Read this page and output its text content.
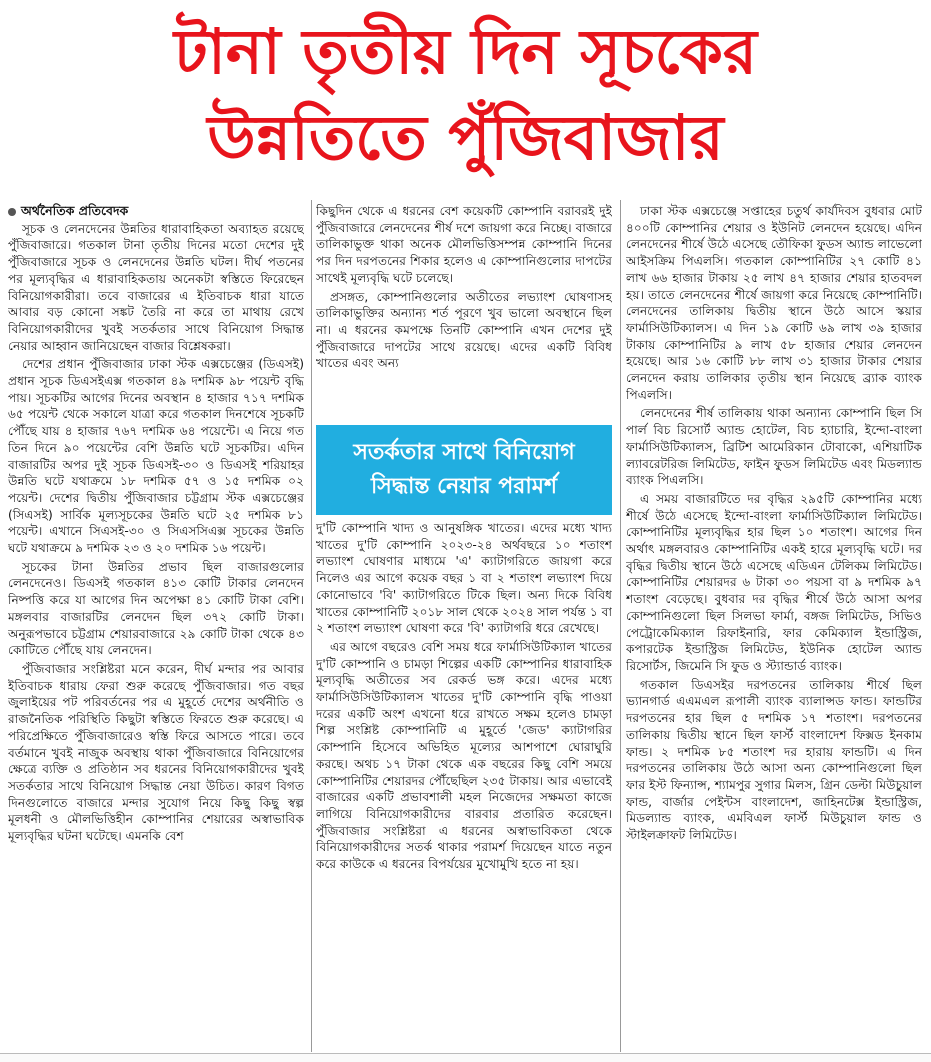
টানা তৃতীয় দিন সূচকের
উন্নতিতে পুঁজিবাজার
অর্থনৈতিক প্রতিবেদক

সূচক ও লেনদেনের উন্নতির ধারাবাহিকতা অব্যাহত রয়েছে পুঁজিবাজারে। গতকাল টানা তৃতীয় দিনের মতো দেশের দুই পুঁজিবাজারে সূচক ও লেনদেনের উন্নতি ঘটল। দীর্ঘ পতনের পর মূল্যবৃদ্ধির এ ধারাবাহিকতায় অনেকটা স্বস্তিতে ফিরেছেন বিনিয়োগকারীরা। তবে বাজারের এ ইতিবাচক ধারা যাতে আবার বড় কোনো সঙ্কট তৈরি না করে তা মাথায় রেখে বিনিয়োগকারীদের খুবই সতর্কতার সাথে বিনিয়োগ সিদ্ধান্ত নেয়ার আহ্বান জানিয়েছেন বাজার বিশ্লেষকরা।

দেশের প্রধান পুঁজিবাজার ঢাকা স্টক এক্সচেঞ্জের (ডিএসই) প্রধান সূচক ডিএসইএক্স গতকাল ৪৯ দশমিক ৯৮ পয়েন্ট বৃদ্ধি পায়। সূচকটির আগের দিনের অবস্থান ৪ হাজার ৭১৭ দশমিক ৬৫ পয়েন্ট থেকে সকালে যাত্রা করে গতকাল দিনশেষে সূচকটি পৌঁছে যায় ৪ হাজার ৭৬৭ দশমিক ৬৪ পয়েন্টে। এ নিয়ে গত তিন দিনে ৯০ পয়েন্টের বেশি উন্নতি ঘটে সূচকটির। এদিন বাজারটির অপর দুই সূচক ডিএসই-৩০ ও ডিএসই শরিয়াহর উন্নতি ঘটে যথাক্রমে ১৮ দশমিক ৫৭ ও ১৫ দশমিক ০২ পয়েন্ট। দেশের দ্বিতীয় পুঁজিবাজার চট্টগ্রাম স্টক এক্সচেঞ্জের (সিএসই) সার্বিক মূল্যসূচকের উন্নতি ঘটে ২৫ দশমিক ৮১ পয়েন্ট। এখানে সিএসই-৩০ ও সিএসসিএক্স সূচকের উন্নতি ঘটে যথাক্রমে ৯ দশমিক ২৩ ও ২০ দশমিক ১৬ পয়েন্ট।

সূচকের টানা উন্নতির প্রভাব ছিল বাজারগুলোর লেনদেনেও। ডিএসই গতকাল ৪১৩ কোটি টাকার লেনদেন নিষ্পত্তি করে যা আগের দিন অপেক্ষা ৪১ কোটি টাকা বেশি। মঙ্গলবার বাজারটির লেনদেন ছিল ৩৭২ কোটি টাকা। অনুরূপভাবে চট্টগ্রাম শেয়ারবাজারে ২৯ কোটি টাকা থেকে ৪৩ কোটিতে পৌঁছে যায় লেনদেন।

পুঁজিবাজার সংশ্লিষ্টরা মনে করেন, দীর্ঘ মন্দার পর আবার ইতিবাচক ধারায় ফেরা শুরু করেছে পুঁজিবাজার। গত বছর জুলাইয়ের পট পরিবর্তনের পর এ মুহূর্তে দেশের অর্থনীতি ও রাজনৈতিক পরিস্থিতি কিছুটা স্বস্তিতে ফিরতে শুরু করেছে। এ পরিপ্রেক্ষিতে পুঁজিবাজারেও স্বস্তি ফিরে আসতে পারে। তবে বর্তমানে খুবই নাজুক অবস্থায় থাকা পুঁজিবাজারে বিনিয়োগের ক্ষেত্রে ব্যক্তি ও প্রতিষ্ঠান সব ধরনের বিনিয়োগকারীদের খুবই সতর্কতার সাথে বিনিয়োগ সিদ্ধান্ত নেয়া উচিত। কারণ বিগত দিনগুলোতে বাজারে মন্দার সুযোগ নিয়ে কিছু কিছু স্বল্প মূলধনী ও মৌলভিত্তিহীন কোম্পানির শেয়ারের অস্বাভাবিক মূল্যবৃদ্ধির ঘটনা ঘটেছে। এমনকি বেশ

কিছুদিন থেকে এ ধরনের বেশ কয়েকটি কোম্পানি বরাবরই দুই পুঁজিবাজারে লেনদেনের শীর্ষ দশে জায়গা করে নিচ্ছে। বাজারে তালিকাভুক্ত থাকা অনেক মৌলভিত্তিসম্পন্ন কোম্পানি দিনের পর দিন দরপতনের শিকার হলেও এ কোম্পানিগুলোর দাপটের সাথেই মূল্যবৃদ্ধি ঘটে চলেছে।

প্রসঙ্গত, কোম্পানিগুলোর অতীতের লভ্যাংশ ঘোষণাসহ তালিকাভুক্তির অন্যান্য শর্ত পূরণে খুব ভালো অবস্থানে ছিল না। এ ধরনের কমপক্ষে তিনটি কোম্পানি এখন দেশের দুই পুঁজিবাজারে দাপটের সাথে রয়েছে। এদের একটি বিবিধ খাতের এবং অন্য

সতর্কতার সাথে বিনিয়োগ
সিদ্ধান্ত নেয়ার পরামর্শ

দু'টি কোম্পানি খাদ্য ও আনুষঙ্গিক খাতের। এদের মধ্যে খাদ্য খাতের দু'টি কোম্পানি ২০২৩-২৪ অর্থবছরে ১০ শতাংশ লভ্যাংশ ঘোষণার মাধ্যমে 'এ' ক্যাটাগরিতে জায়গা করে নিলেও এর আগে কয়েক বছর ১ বা ২ শতাংশ লভ্যাংশ দিয়ে কোনোভাবে 'বি' ক্যাটাগরিতে টিকে ছিল। অন্য দিকে বিবিধ খাতের কোম্পানিটি ২০১৮ সাল থেকে ২০২৪ সাল পর্যন্ত ১ বা ২ শতাংশ লভ্যাংশ ঘোষণা করে 'বি' ক্যাটাগরি ধরে রেখেছে।

এর আগে বছরেও বেশি সময় ধরে ফার্মাসিউটিক্যাল খাতের দু'টি কোম্পানি ও চামড়া শিল্পের একটি কোম্পানির ধারাবাহিক মূল্যবৃদ্ধি অতীতের সব রেকর্ড ভঙ্গ করে। এদের মধ্যে ফার্মাসিউসিউটিক্যালস খাতের দু'টি কোম্পানি বৃদ্ধি পাওয়া দরের একটি অংশ এখনো ধরে রাখতে সক্ষম হলেও চামড়া শিল্প সংশ্লিষ্ট কোম্পানিটি এ মুহূর্তে 'জেড' ক্যাটাগরির কোম্পানি হিসেবে অভিহিত মূল্যের আশপাশে ঘোরাঘুরি করছে। অথচ ১৭ টাকা থেকে এক বছরের কিছু বেশি সময়ে কোম্পানিটির শেয়ারদর পৌঁছেছিল ২৩৫ টাকায়। আর এভাবেই বাজারের একটি প্রভাবশালী মহল নিজেদের সক্ষমতা কাজে লাগিয়ে বিনিয়োগকারীদের বারবার প্রতারিত করেছেন। পুঁজিবাজার সংশ্লিষ্টরা এ ধরনের অস্বাভাবিকতা থেকে বিনিয়োগকারীদের সতর্ক থাকার পরামর্শ দিয়েছেন যাতে নতুন করে কাউকে এ ধরনের বিপর্যয়ের মুখোমুখি হতে না হয়।

ঢাকা স্টক এক্সচেঞ্জে সপ্তাহের চতুর্থ কার্যদিবস বুধবার মোট ৪০০টি কোম্পানির শেয়ার ও ইউনিট লেনদেন হয়েছে। এদিন লেনদেনের শীর্ষে উঠে এসেছে তৌফিকা ফুডস অ্যান্ড লাভেলো আইসক্রিম পিএলসি। গতকাল কোম্পানিটির ২৭ কোটি ৪১ লাখ ৬৬ হাজার টাকায় ২৫ লাখ ৪৭ হাজার শেয়ার হাতবদল হয়। তাতে লেনদেনের শীর্ষে জায়গা করে নিয়েছে কোম্পানিটি। লেনদেনের তালিকায় দ্বিতীয় স্থানে উঠে আসে স্কয়ার ফার্মাসিউটিক্যালস। এ দিন ১৯ কোটি ৬৯ লাখ ৩৯ হাজার টাকায় কোম্পানিটির ৯ লাখ ৫৮ হাজার শেয়ার লেনদেন হয়েছে। আর ১৬ কোটি ৮৮ লাখ ৩১ হাজার টাকার শেয়ার লেনদেন করায় তালিকার তৃতীয় স্থান নিয়েছে ব্র্যাক ব্যাংক পিএলসি।

লেনদেনের শীর্ষ তালিকায় থাকা অন্যান্য কোম্পানি ছিল সি পার্ল বিচ রিসোর্ট অ্যান্ড হোটেল, বিচ হ্যাচারি, ইন্দো-বাংলা ফার্মাসিউটিক্যালস, ব্রিটিশ আমেরিকান টোবাকো, এশিয়াটিক ল্যাবরেটরিজ লিমিটেড, ফাইন ফুডস লিমিটেড এবং মিডল্যান্ড ব্যাংক পিএলসি।

এ সময় বাজারটিতে দর বৃদ্ধির ২৯৫টি কোম্পানির মধ্যে শীর্ষে উঠে এসেছে ইন্দো-বাংলা ফার্মাসিউটিক্যাল লিমিটেড। কোম্পানিটির মূল্যবৃদ্ধির হার ছিল ১০ শতাংশ। আগের দিন অর্থাৎ মঙ্গলবারও কোম্পানিটির একই হারে মূল্যবৃদ্ধি ঘটে। দর বৃদ্ধির দ্বিতীয় স্থানে উঠে এসেছে এডিএন টেলিকম লিমিটেড। কোম্পানিটির শেয়ারদর ৬ টাকা ৩০ পয়সা বা ৯ দশমিক ৯৭ শতাংশ বেড়েছে। বুধবার দর বৃদ্ধির শীর্ষে উঠে আসা অপর কোম্পানিগুলো ছিল সিলভা ফার্মা, বঙ্গজ লিমিটেড, সিভিও পেট্রোকেমিক্যাল রিফাইনারি, ফার কেমিক্যাল ইন্ডাস্ট্রিজ, কপারটেক ইন্ডাস্ট্রিজ লিমিটেড, ইউনিক হোটেল অ্যান্ড রিসোর্টস, জিমেনি সি ফুড ও স্ট্যান্ডার্ড ব্যাংক।

গতকাল ডিএসইর দরপতনের তালিকায় শীর্ষে ছিল ভ্যানগার্ড এএমএল রূপালী ব্যাংক ব্যালান্সড ফান্ড। ফান্ডটির দরপতনের হার ছিল ৫ দশমিক ১৭ শতাংশ। দরপতনের তালিকায় দ্বিতীয় স্থানে ছিল ফার্স্ট বাংলাদেশ ফিক্সড ইনকাম ফান্ড। ২ দশমিক ৮৫ শতাংশ দর হারায় ফান্ডটি। এ দিন দরপতনের তালিকায় উঠে আসা অন্য কোম্পানিগুলো ছিল ফার ইস্ট ফিন্যান্স, শ্যামপুর সুগার মিলস, গ্রিন ডেল্টা মিউচুয়াল ফান্ড, বার্জার পেইন্টস বাংলাদেশ, জাহিনটেক্স ইন্ডাস্ট্রিজ, মিডল্যান্ড ব্যাংক, এমবিএল ফার্স্ট মিউচুয়াল ফান্ড ও স্টাইলক্রাফট লিমিটেড।
